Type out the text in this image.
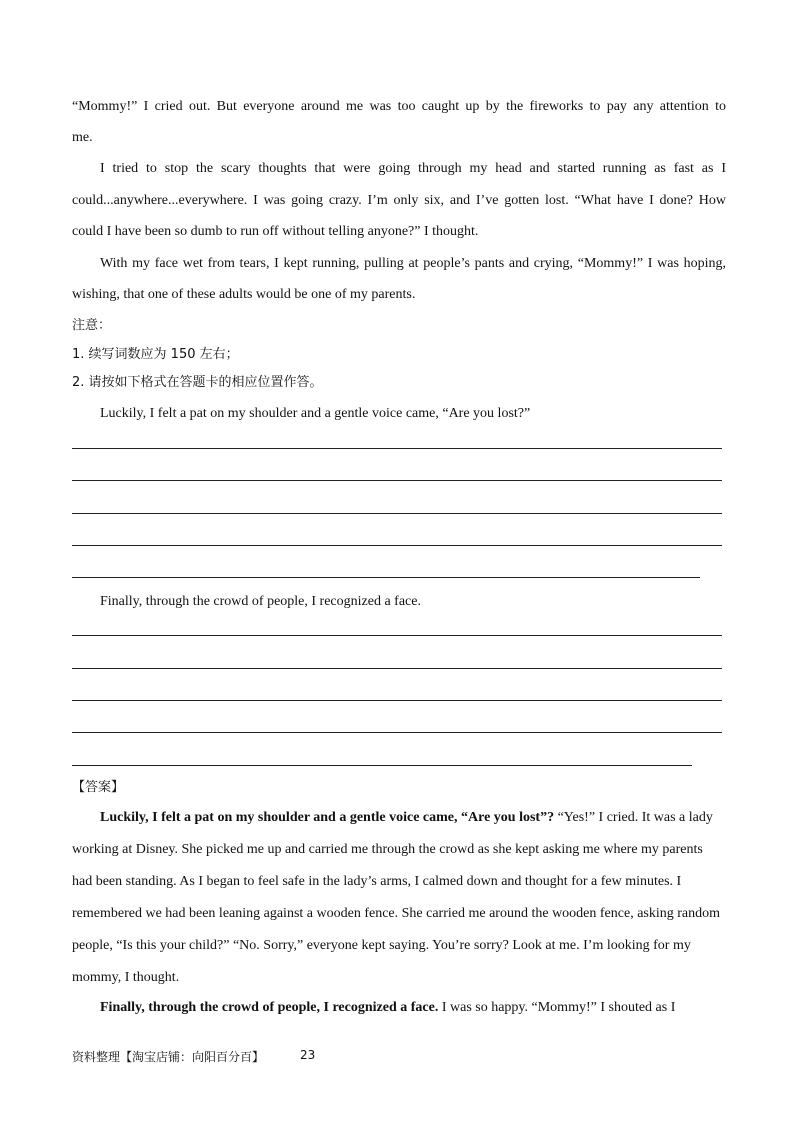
“Mommy!” I cried out. But everyone around me was too caught up by the fireworks to pay any attention to
me.
I tried to stop the scary thoughts that were going through my head and started running as fast as I
could...anywhere...everywhere. I was going crazy. I’m only six, and I’ve gotten lost. “What have I done? How
could I have been so dumb to run off without telling anyone?” I thought.
With my face wet from tears, I kept running, pulling at people’s pants and crying, “Mommy!” I was hoping,
wishing, that one of these adults would be one of my parents.
注意：
1. 续写词数应为 150 左右；
2. 请按如下格式在答题卡的相应位置作答。
Luckily, I felt a pat on my shoulder and a gentle voice came, “Are you lost?”
Finally, through the crowd of people, I recognized a face.
【答案】
Luckily, I felt a pat on my shoulder and a gentle voice came, “Are you lost”? “Yes!” I cried. It was a lady
working at Disney. She picked me up and carried me through the crowd as she kept asking me where my parents
had been standing. As I began to feel safe in the lady’s arms, I calmed down and thought for a few minutes. I
remembered we had been leaning against a wooden fence. She carried me around the wooden fence, asking random
people, “Is this your child?” “No. Sorry,” everyone kept saying. You’re sorry? Look at me. I’m looking for my
mommy, I thought.
Finally, through the crowd of people, I recognized a face. I was so happy. “Mommy!” I shouted as I
资料整理【淘宝店铺：向阳百分百】	23
